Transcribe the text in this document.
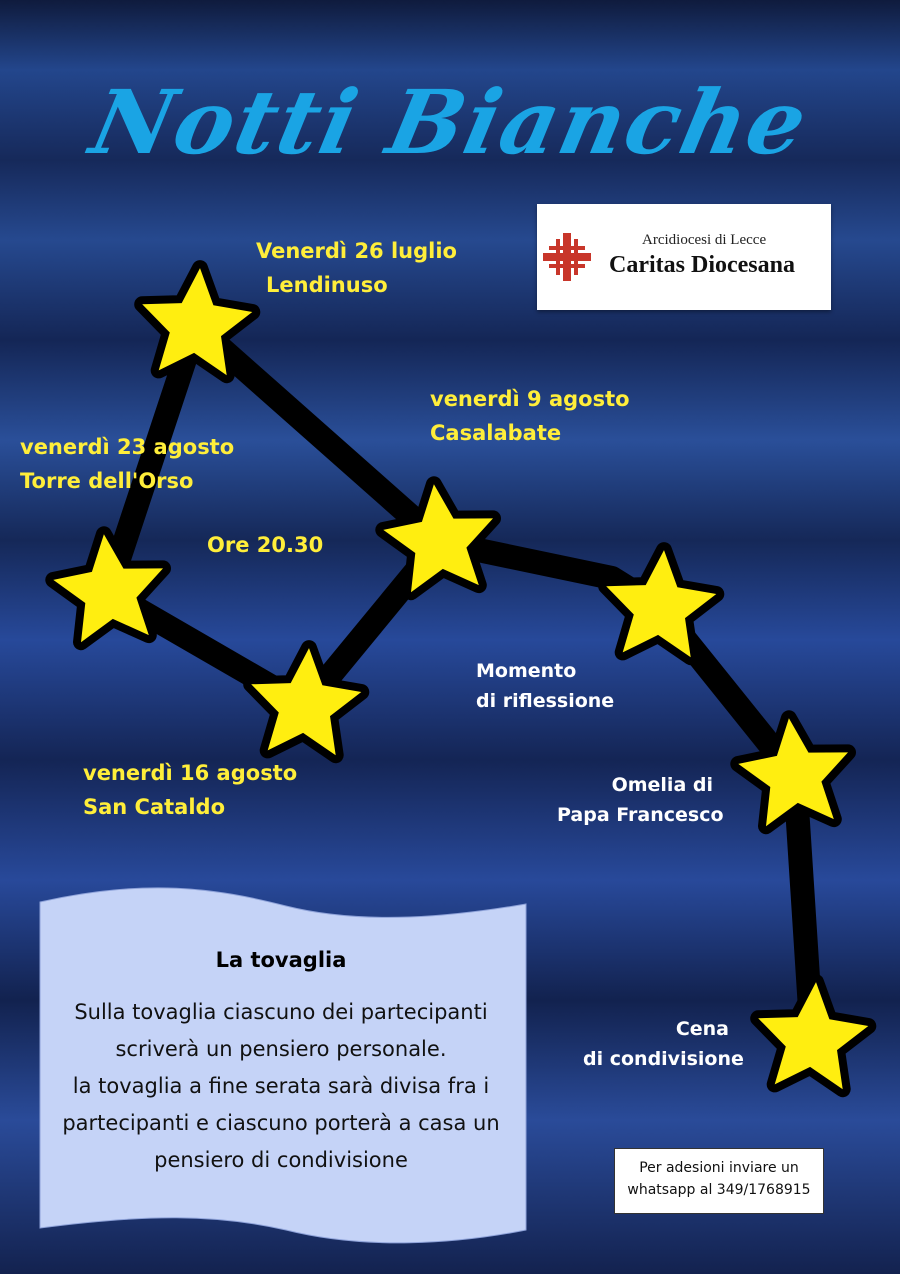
Notti Bianche
Arcidiocesi di Lecce
Caritas Diocesana
Venerdì 26 luglio
Lendinuso
venerdì 9 agosto
Casalabate
venerdì 23 agosto
Torre dell'Orso
Ore 20.30
venerdì 16 agosto
San Cataldo
Momento
di riflessione
Omelia di
Papa Francesco
Cena
di condivisione
La tovaglia
Sulla tovaglia ciascuno dei partecipanti
scriverà un pensiero personale.
la tovaglia a fine serata sarà divisa fra i
partecipanti e ciascuno porterà a casa un
pensiero di condivisione	Per adesioni inviare un
whatsapp al 349/1768915
